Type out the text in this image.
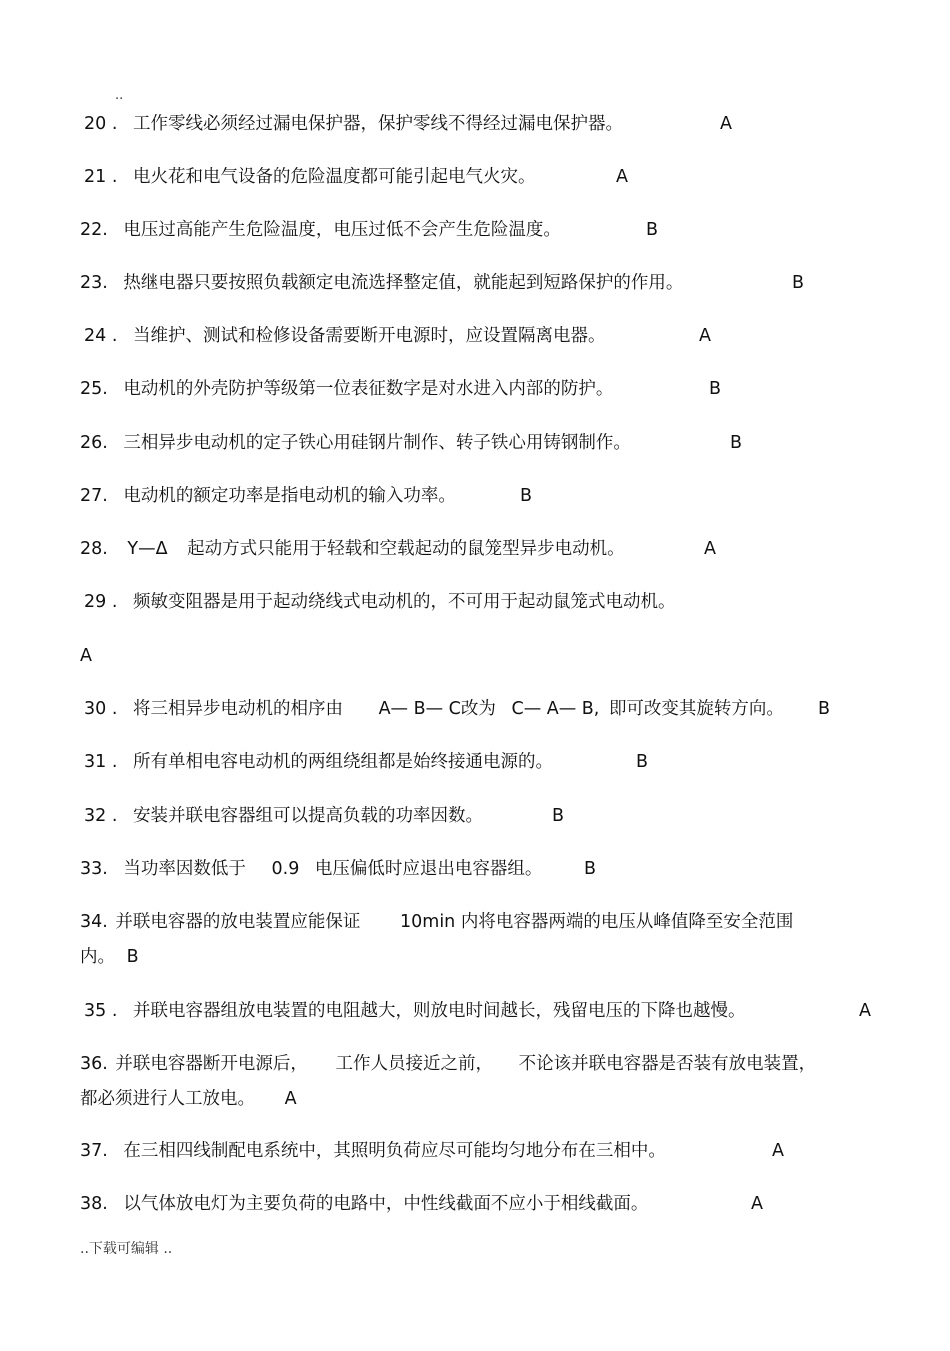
..
20 . 工作零线必须经过漏电保护器，保护零线不得经过漏电保护器。	A
21 . 电火花和电气设备的危险温度都可能引起电气火灾。	A
22. 电压过高能产生危险温度，电压过低不会产生危险温度。	B
23. 热继电器只要按照负载额定电流选择整定值，就能起到短路保护的作用。	B
24 . 当维护、测试和检修设备需要断开电源时，应设置隔离电器。	A
25. 电动机的外壳防护等级第一位表征数字是对水进入内部的防护。	B
26. 三相异步电动机的定子铁心用硅钢片制作、转子铁心用铸钢制作。	B
27. 电动机的额定功率是指电动机的输入功率。	B
28. Y—Δ 起动方式只能用于轻载和空载起动的鼠笼型异步电动机。	A
29 . 频敏变阻器是用于起动绕线式电动机的，不可用于起动鼠笼式电动机。
A
30 . 将三相异步电动机的相序由 A— B— C改为 C— A— B, 即可改变其旋转方向。 B
31 . 所有单相电容电动机的两组绕组都是始终接通电源的。	B
32 . 安装并联电容器组可以提高负载的功率因数。	B
33. 当功率因数低于 0.9 电压偏低时应退出电容器组。 B
34. 并联电容器的放电装置应能保证 10min 内将电容器两端的电压从峰值降至安全范围
内。 B
35 . 并联电容器组放电装置的电阻越大，则放电时间越长，残留电压的下降也越慢。	A
36. 并联电容器断开电源后， 工作人员接近之前， 不论该并联电容器是否装有放电装置，
都必须进行人工放电。 A
37. 在三相四线制配电系统中，其照明负荷应尽可能均匀地分布在三相中。	A
38. 以气体放电灯为主要负荷的电路中，中性线截面不应小于相线截面。	A
..下载可编辑 ..
